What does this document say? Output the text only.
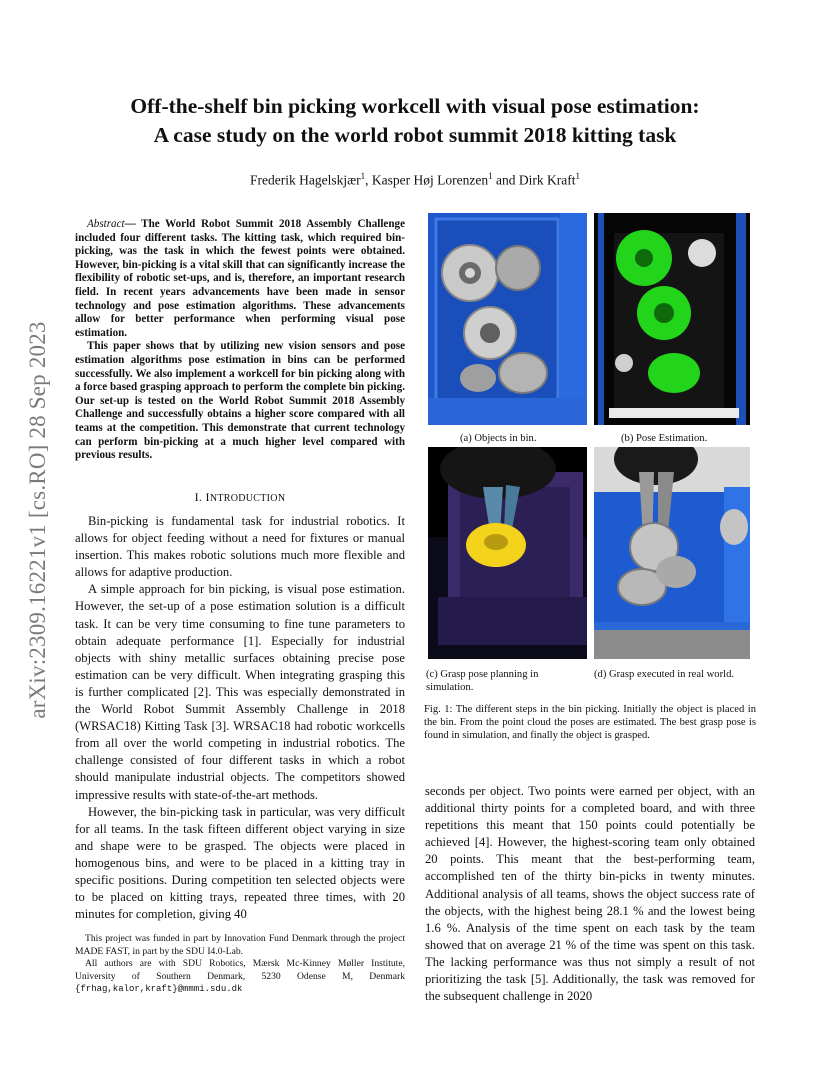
arXiv:2309.16221v1 [cs.RO] 28 Sep 2023
Off-the-shelf bin picking workcell with visual pose estimation:
A case study on the world robot summit 2018 kitting task
Frederik Hagelskjær$^1$, Kasper Høj Lorenzen$^1$ and Dirk Kraft$^1$

Abstract— The World Robot Summit 2018 Assembly Challenge included four different tasks. The kitting task, which required bin-picking, was the task in which the fewest points were obtained. However, bin-picking is a vital skill that can significantly increase the flexibility of robotic set-ups, and is, therefore, an important research field. In recent years advancements have been made in sensor technology and pose estimation algorithms. These advancements allow for better performance when performing visual pose estimation.

This paper shows that by utilizing new vision sensors and pose estimation algorithms pose estimation in bins can be performed successfully. We also implement a workcell for bin picking along with a force based grasping approach to perform the complete bin picking. Our set-up is tested on the World Robot Summit 2018 Assembly Challenge and successfully obtains a higher score compared with all teams at the competition. This demonstrate that current technology can perform bin-picking at a much higher level compared with previous results.

I. INTRODUCTION

Bin-picking is fundamental task for industrial robotics. It allows for object feeding without a need for fixtures or manual insertion. This makes robotic solutions much more flexible and allows for adaptive production.

A simple approach for bin picking, is visual pose estimation. However, the set-up of a pose estimation solution is a difficult task. It can be very time consuming to fine tune parameters to obtain adequate performance [1]. Especially for industrial objects with shiny metallic surfaces obtaining precise pose estimation can be very difficult. When integrating grasping this is further complicated [2]. This was especially demonstrated in the World Robot Summit Assembly Challenge in 2018 (WRSAC18) Kitting Task [3]. WRSAC18 had robotic workcells from all over the world competing in industrial robotics. The challenge consisted of four different tasks in which a robot should manipulate industrial objects. The competitors showed impressive results with state-of-the-art methods.

However, the bin-picking task in particular, was very difficult for all teams. In the task fifteen different object varying in size and shape were to be grasped. The objects were placed in homogenous bins, and were to be placed in a kitting tray in specific positions. During competition ten selected objects were to be placed on kitting trays, repeated three times, with 20 minutes for completion, giving 40

This project was funded in part by Innovation Fund Denmark through the project MADE FAST, in part by the SDU I4.0-Lab.

All authors are with SDU Robotics, Mærsk Mc-Kinney Møller Institute, University of Southern Denmark, 5230 Odense M, Denmark {frhag,kalor,kraft}@mmmi.sdu.dk

(a) Objects in bin.	(b) Pose Estimation.
(c) Grasp pose planning in simulation.
(d) Grasp executed in real world.
Fig. 1: The different steps in the bin picking. Initially the object is placed in the bin. From the point cloud the poses are estimated. The best grasp pose is found in simulation, and finally the object is grasped.

seconds per object. Two points were earned per object, with an additional thirty points for a completed board, and with three repetitions this meant that 150 points could potentially be achieved [4]. However, the highest-scoring team only obtained 20 points. This meant that the best-performing team, accomplished ten of the thirty bin-picks in twenty minutes. Additional analysis of all teams, shows the object success rate of the objects, with the highest being 28.1 % and the lowest being 1.6 %. Analysis of the time spent on each task by the team showed that on average 21 % of the time was spent on this task. The lacking performance was thus not simply a result of not prioritizing the task [5]. Additionally, the task was removed for the subsequent challenge in 2020
